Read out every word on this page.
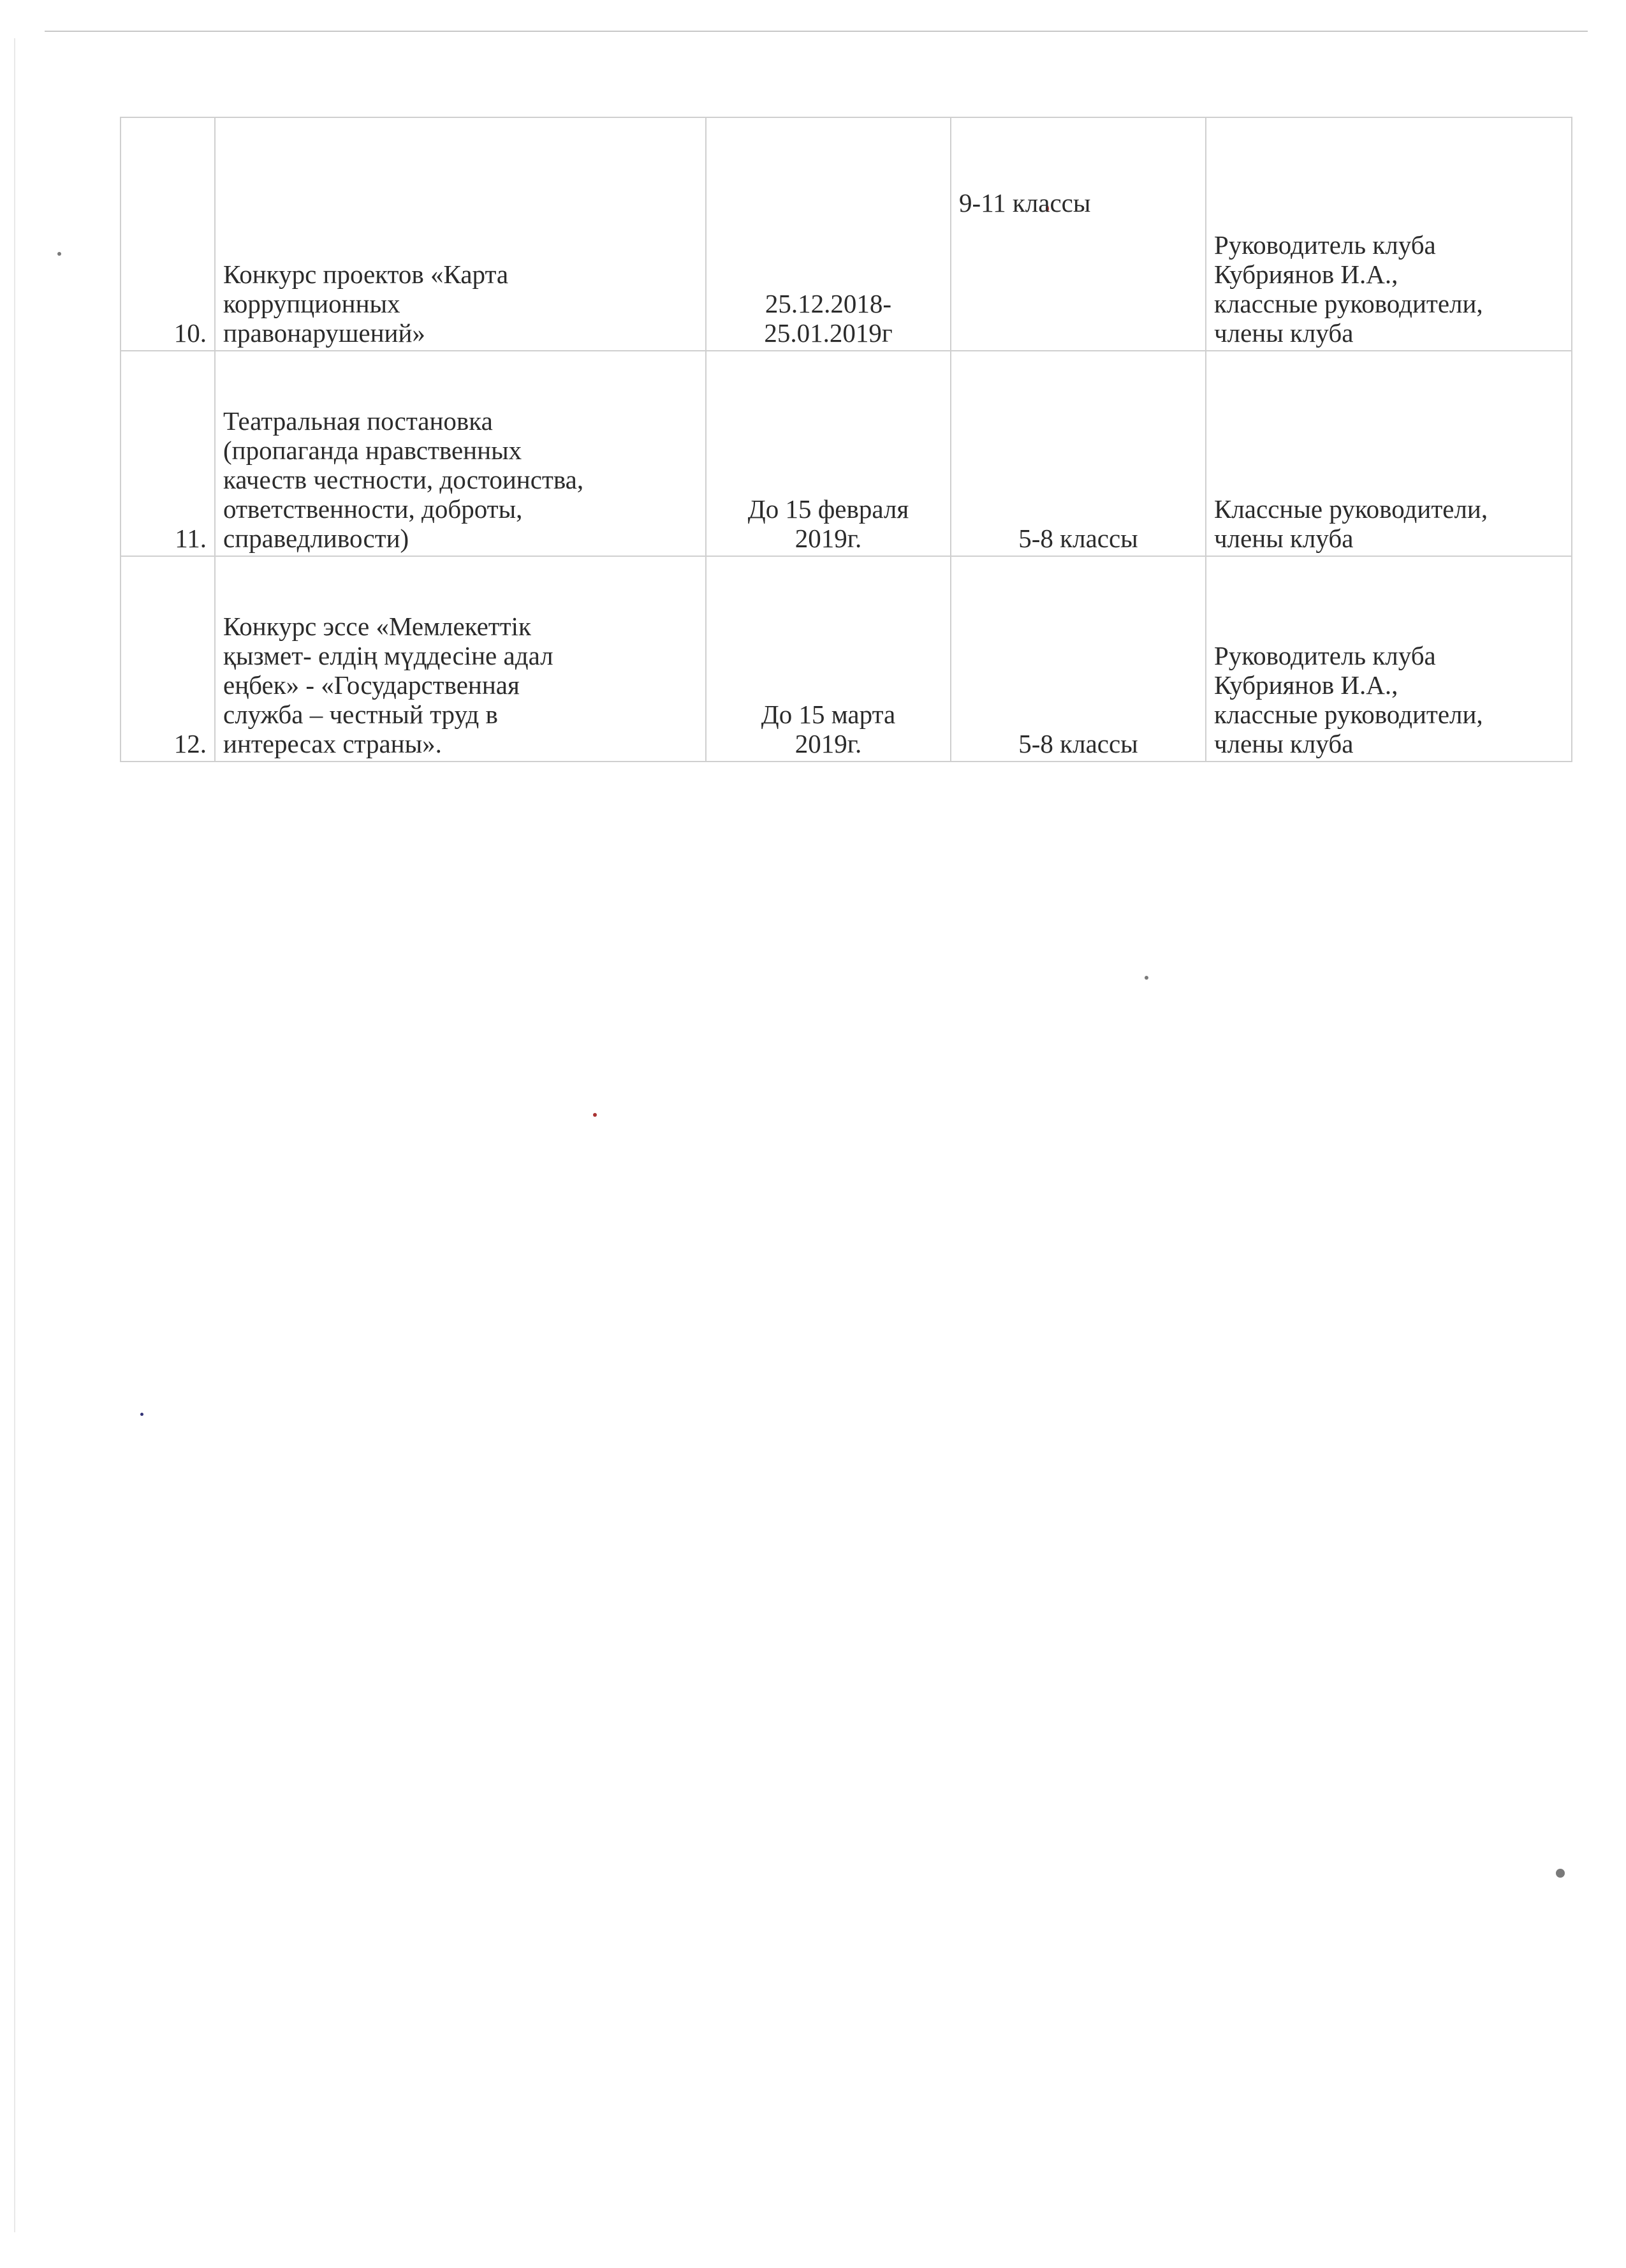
10.	Конкурс проектов «Карта
коррупционных
правонарушений»	25.12.2018-
25.01.2019г	9-11 классы	Руководитель клуба
Кубриянов И.А.,
классные руководители,
члены клуба

11.	Театральная постановка
(пропаганда нравственных
качеств честности, достоинства,
ответственности, доброты,
справедливости)	До 15 февраля
2019г.	5-8 классы	Классные руководители,
члены клуба

12.	Конкурс эссе «Мемлекеттік
қызмет- елдің мүддесіне адал
еңбек» - «Государственная
служба – честный труд в
интересах страны».	До 15 марта
2019г.	5-8 классы	Руководитель клуба
Кубриянов И.А.,
классные руководители,
члены клуба
